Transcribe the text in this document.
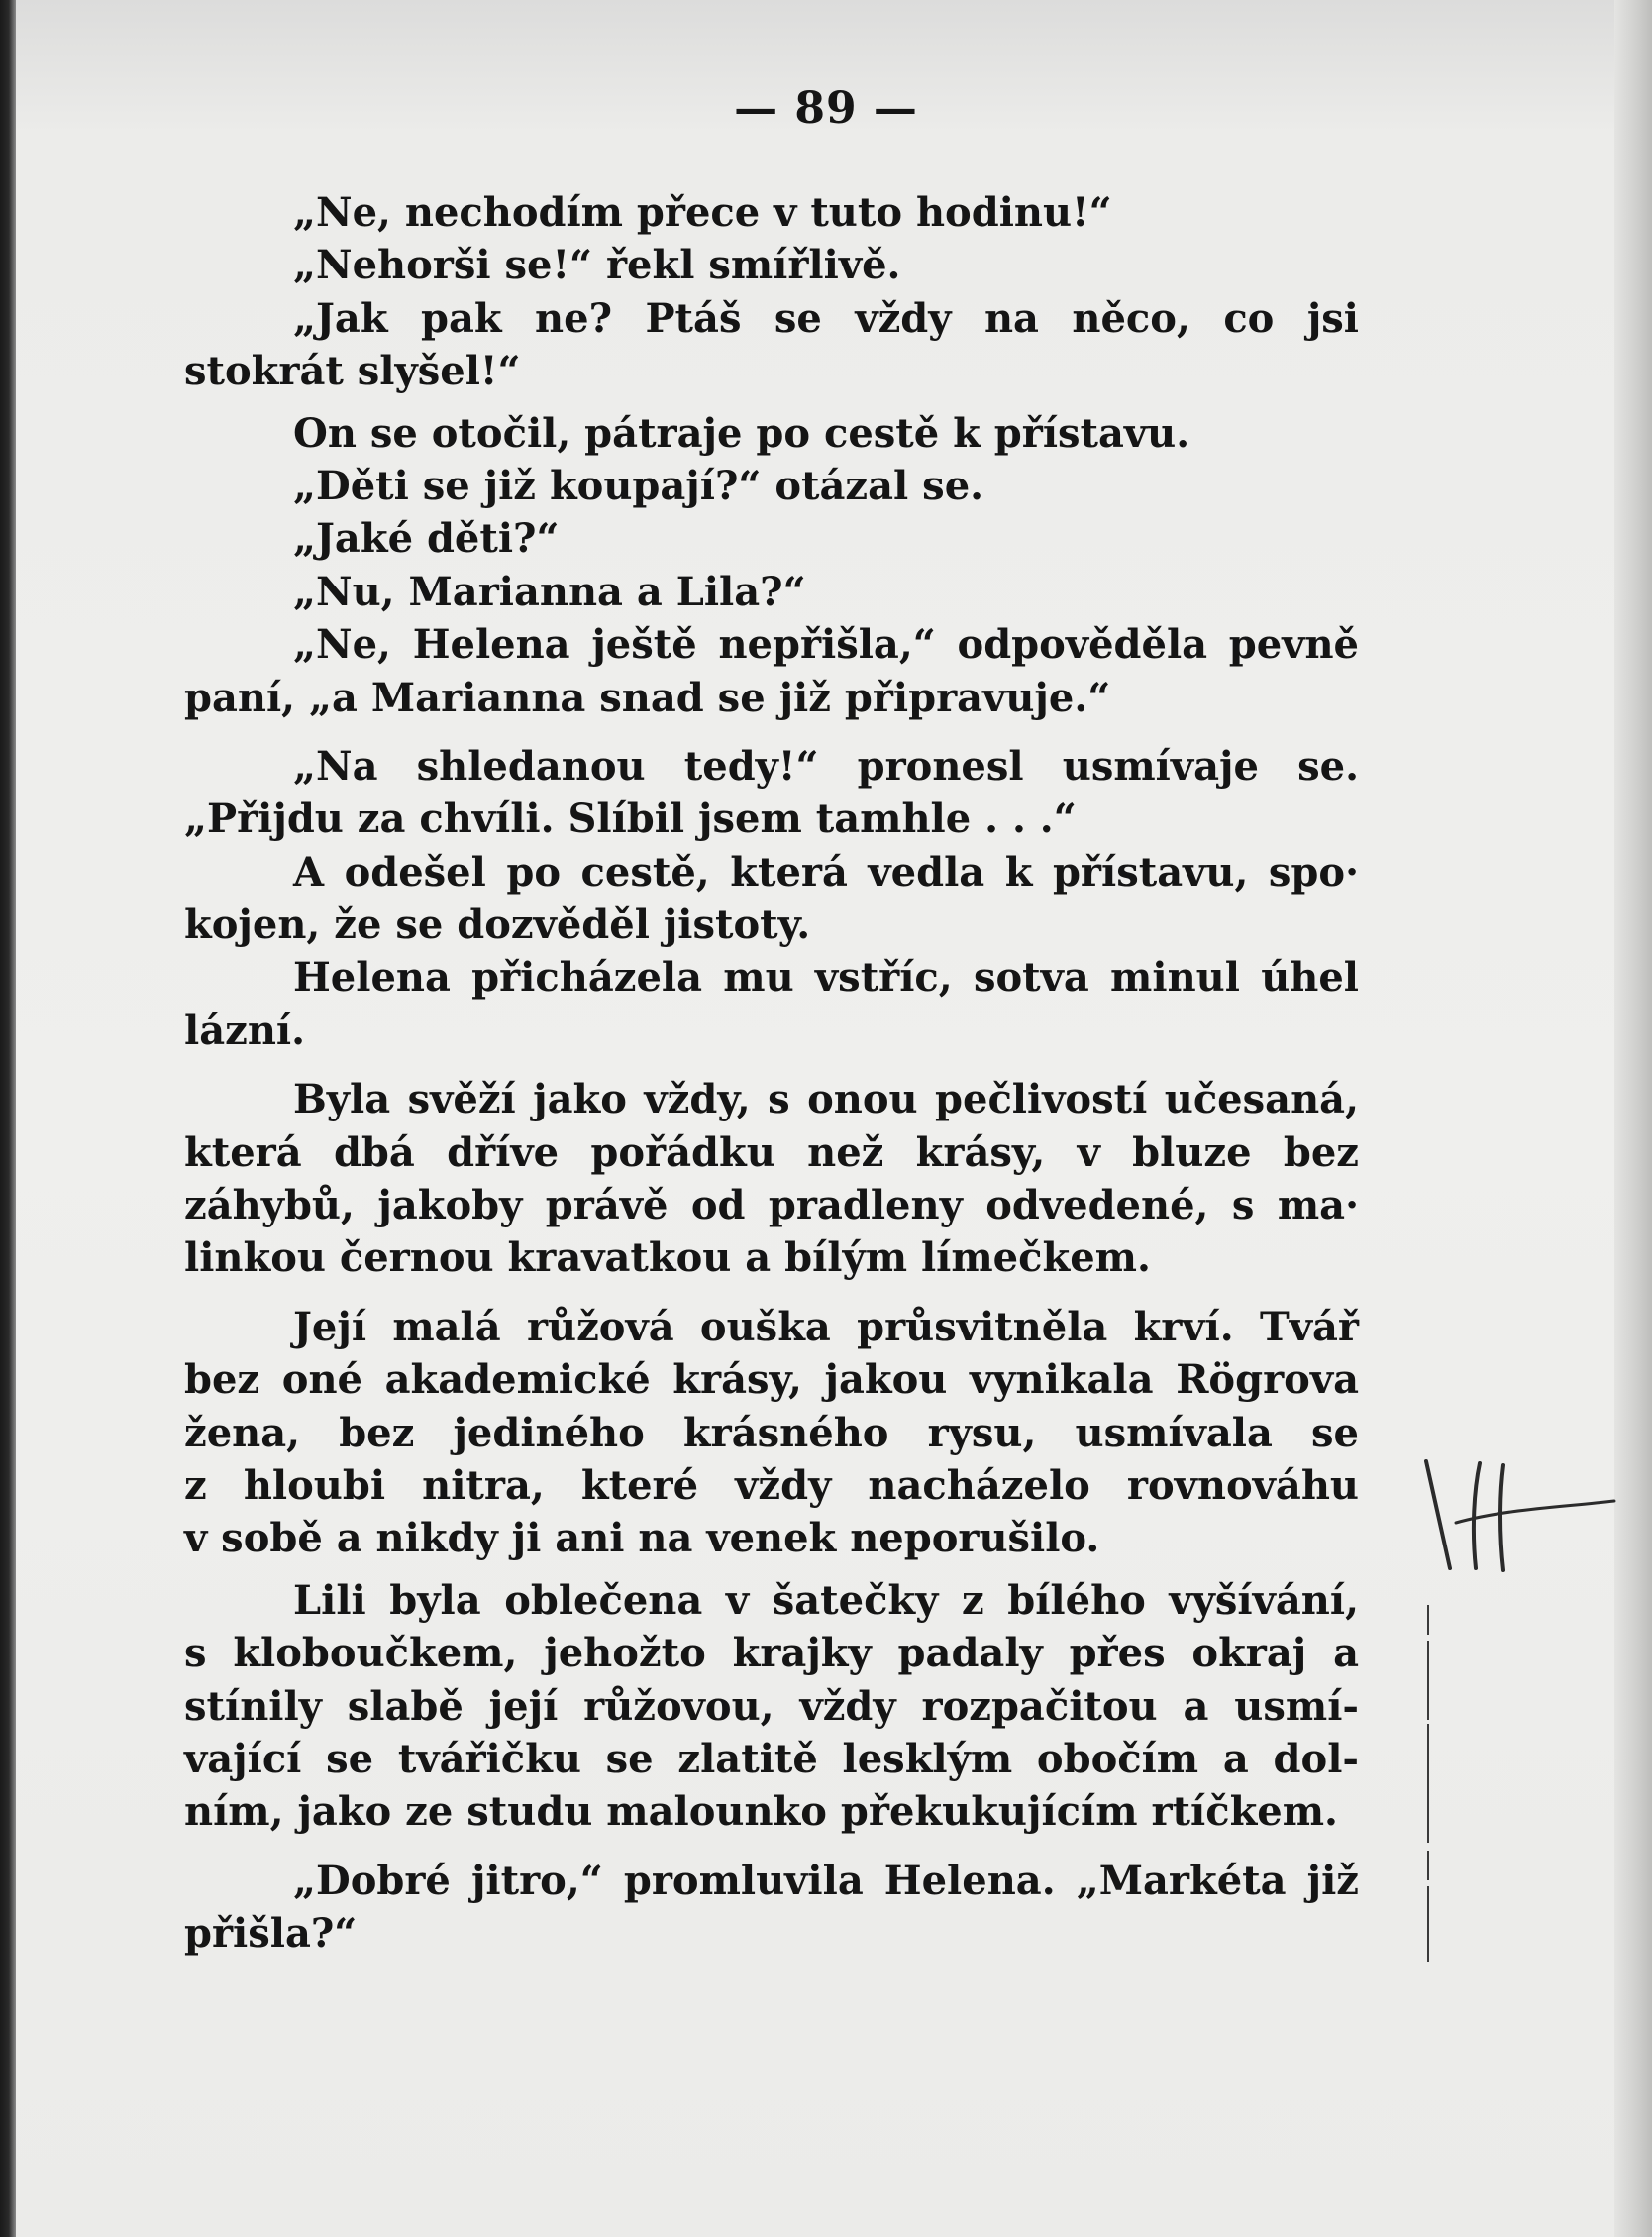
— 89 —
„Ne, nechodím přece v tuto hodinu!“
„Nehorši se!“ řekl smířlivě.
„Jak pak ne? Ptáš se vždy na něco, co jsi
stokrát slyšel!“
On se otočil, pátraje po cestě k přístavu.
„Děti se již koupají?“ otázal se.
„Jaké děti?“
„Nu, Marianna a Lila?“
„Ne, Helena ještě nepřišla,“ odpověděla pevně
paní, „a Marianna snad se již připravuje.“
„Na shledanou tedy!“ pronesl usmívaje se.
„Přijdu za chvíli. Slíbil jsem tamhle . . .“
A odešel po cestě, která vedla k přístavu, spo·
kojen, že se dozvěděl jistoty.
Helena přicházela mu vstříc, sotva minul úhel
lázní.
Byla svěží jako vždy, s onou pečlivostí učesaná,
která dbá dříve pořádku než krásy, v bluze bez
záhybů, jakoby právě od pradleny odvedené, s ma·
linkou černou kravatkou a bílým límečkem.
Její malá růžová ouška průsvitněla krví. Tvář
bez oné akademické krásy, jakou vynikala Rögrova
žena, bez jediného krásného rysu, usmívala se
z hloubi nitra, které vždy nacházelo rovnováhu
v sobě a nikdy ji ani na venek neporušilo.
Lili byla oblečena v šatečky z bílého vyšívání,
s kloboučkem, jehožto krajky padaly přes okraj a
stínily slabě její růžovou, vždy rozpačitou a usmí-
vající se tvářičku se zlatitě lesklým obočím a dol-
ním, jako ze studu malounko překukujícím rtíčkem.
„Dobré jitro,“ promluvila Helena. „Markéta již
přišla?“
